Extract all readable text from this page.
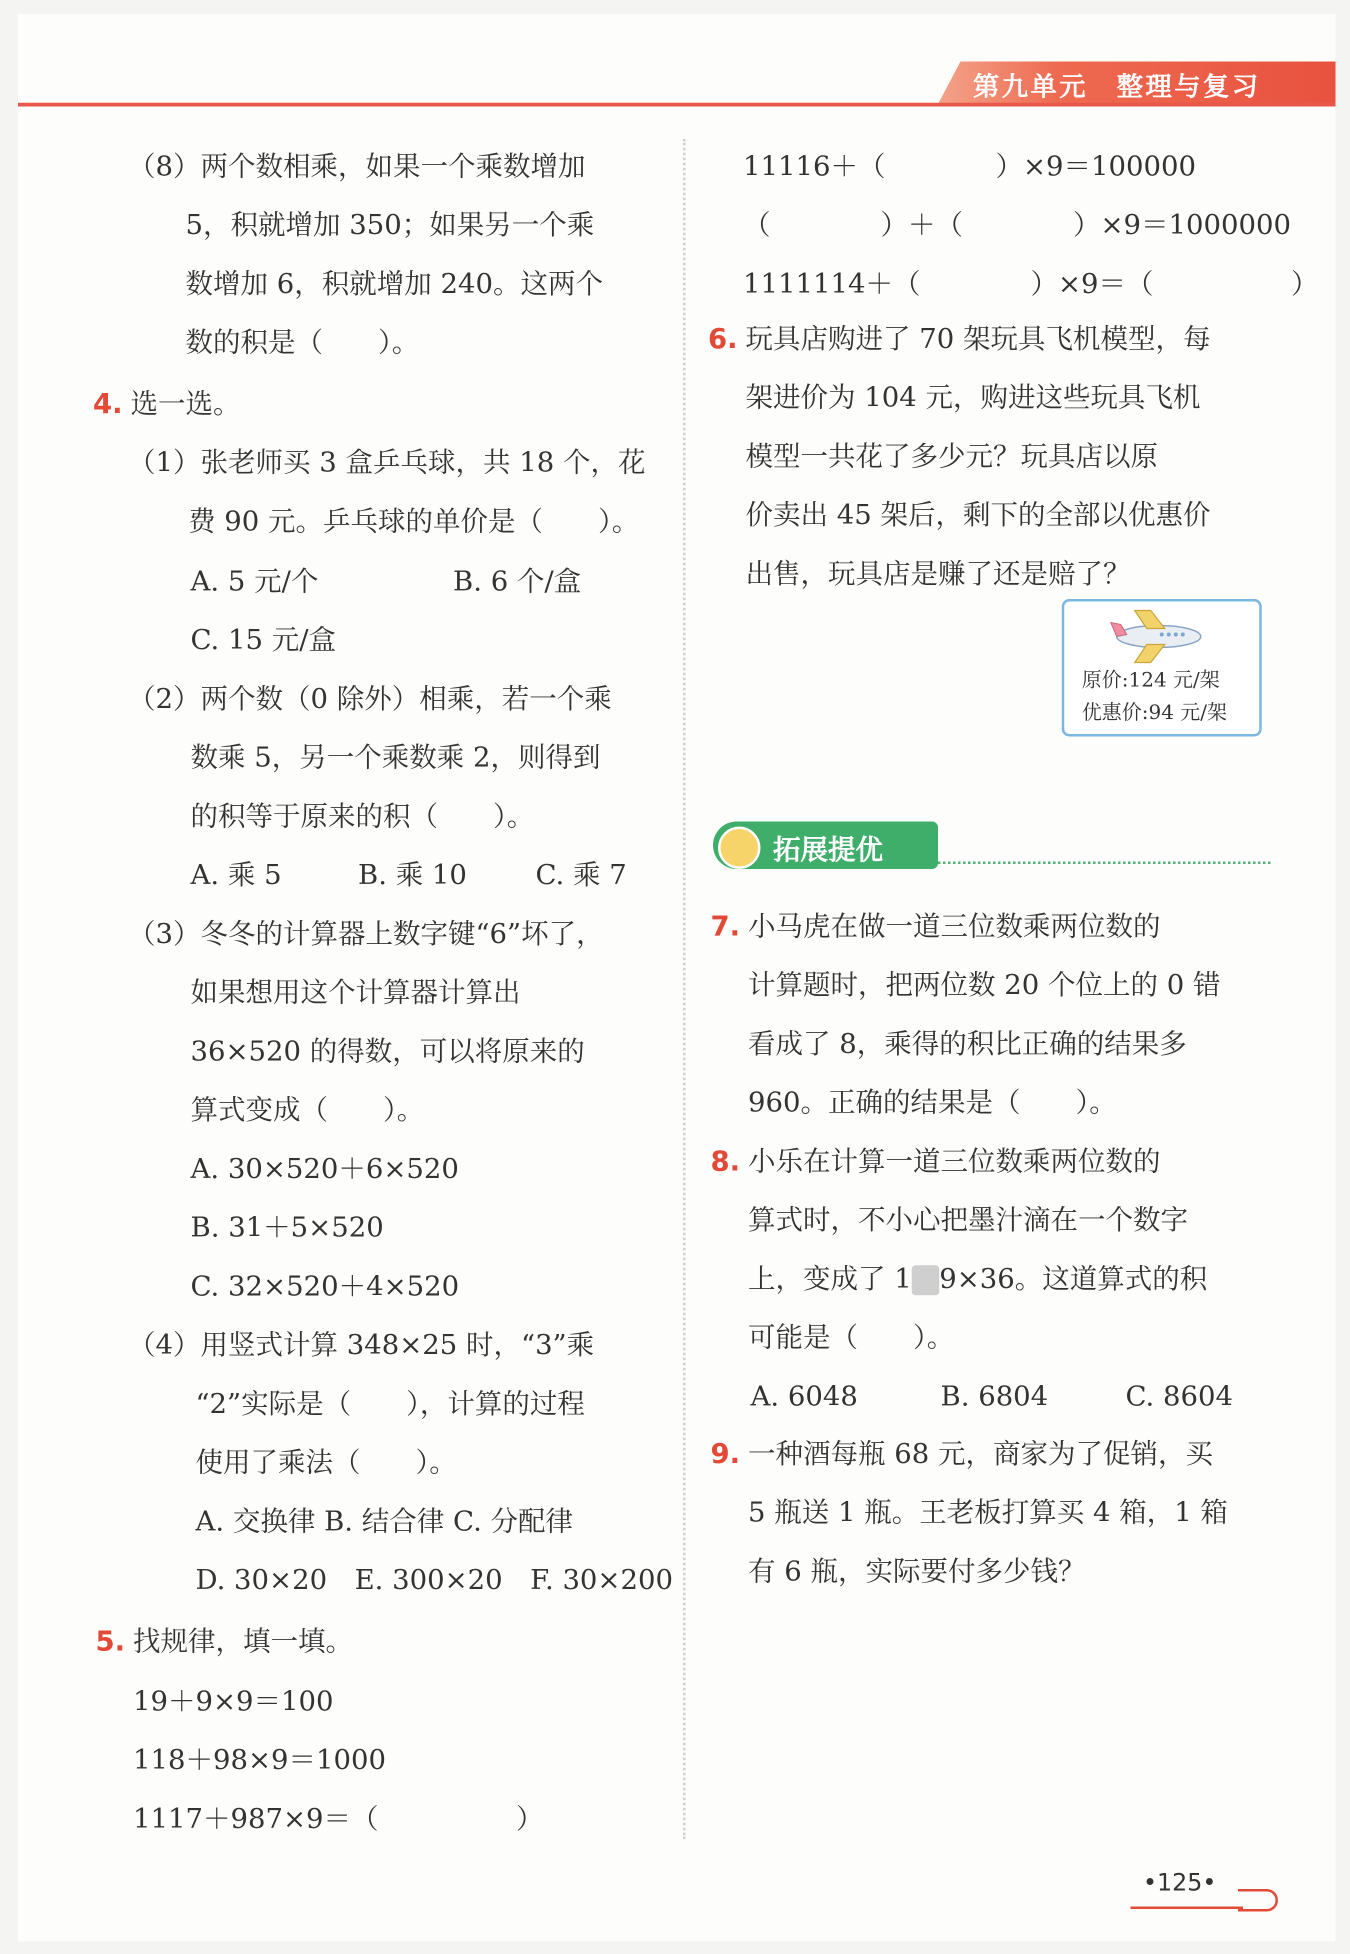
第九单元　 整理与复习
（8）两个数相乘，如果一个乘数增加
5，积就增加 350；如果另一个乘
数增加 6，积就增加 240。这两个
数的积是（　　）。
4. 选一选。
（1）张老师买 3 盒乒乓球，共 18 个，花
费 90 元。乒乓球的单价是（　　）。
A. 5 元/个	B. 6 个/盒
C. 15 元/盒
（2）两个数（0 除外）相乘，若一个乘
数乘 5，另一个乘数乘 2，则得到
的积等于原来的积（　　）。
A. 乘 5	B. 乘 10	C. 乘 7
（3）冬冬的计算器上数字键“6”坏了，
如果想用这个计算器计算出
36×520 的得数，可以将原来的
算式变成（　　）。
A. 30×520＋6×520
B. 31＋5×520
C. 32×520＋4×520
（4）用竖式计算 348×25 时，“3”乘
“2”实际是（　　），计算的过程
使用了乘法（　　）。
A. 交换律 B. 结合律 C. 分配律
D. 30×20　E. 300×20　F. 30×200
5. 找规律，填一填。
19＋9×9＝100
118＋98×9＝1000
1117＋987×9＝（　　　　　）
11116＋（　　　　）×9＝100000
（　　　　）＋（　　　　）×9＝1000000
1111114＋（　　　　）×9＝（　　　　　）
6. 玩具店购进了 70 架玩具飞机模型，每
架进价为 104 元，购进这些玩具飞机
模型一共花了多少元？玩具店以原
价卖出 45 架后，剩下的全部以优惠价
出售，玩具店是赚了还是赔了？
原价:124 元/架
优惠价:94 元/架
拓展提优
7. 小马虎在做一道三位数乘两位数的
计算题时，把两位数 20 个位上的 0 错
看成了 8，乘得的积比正确的结果多
960。正确的结果是（　　）。
8. 小乐在计算一道三位数乘两位数的
算式时，不小心把墨汁滴在一个数字
上，变成了 1 9×36。这道算式的积
可能是（　　）。
A. 6048	B. 6804	C. 8604
9. 一种酒每瓶 68 元，商家为了促销，买
5 瓶送 1 瓶。王老板打算买 4 箱，1 箱
有 6 瓶，实际要付多少钱？
•125•
